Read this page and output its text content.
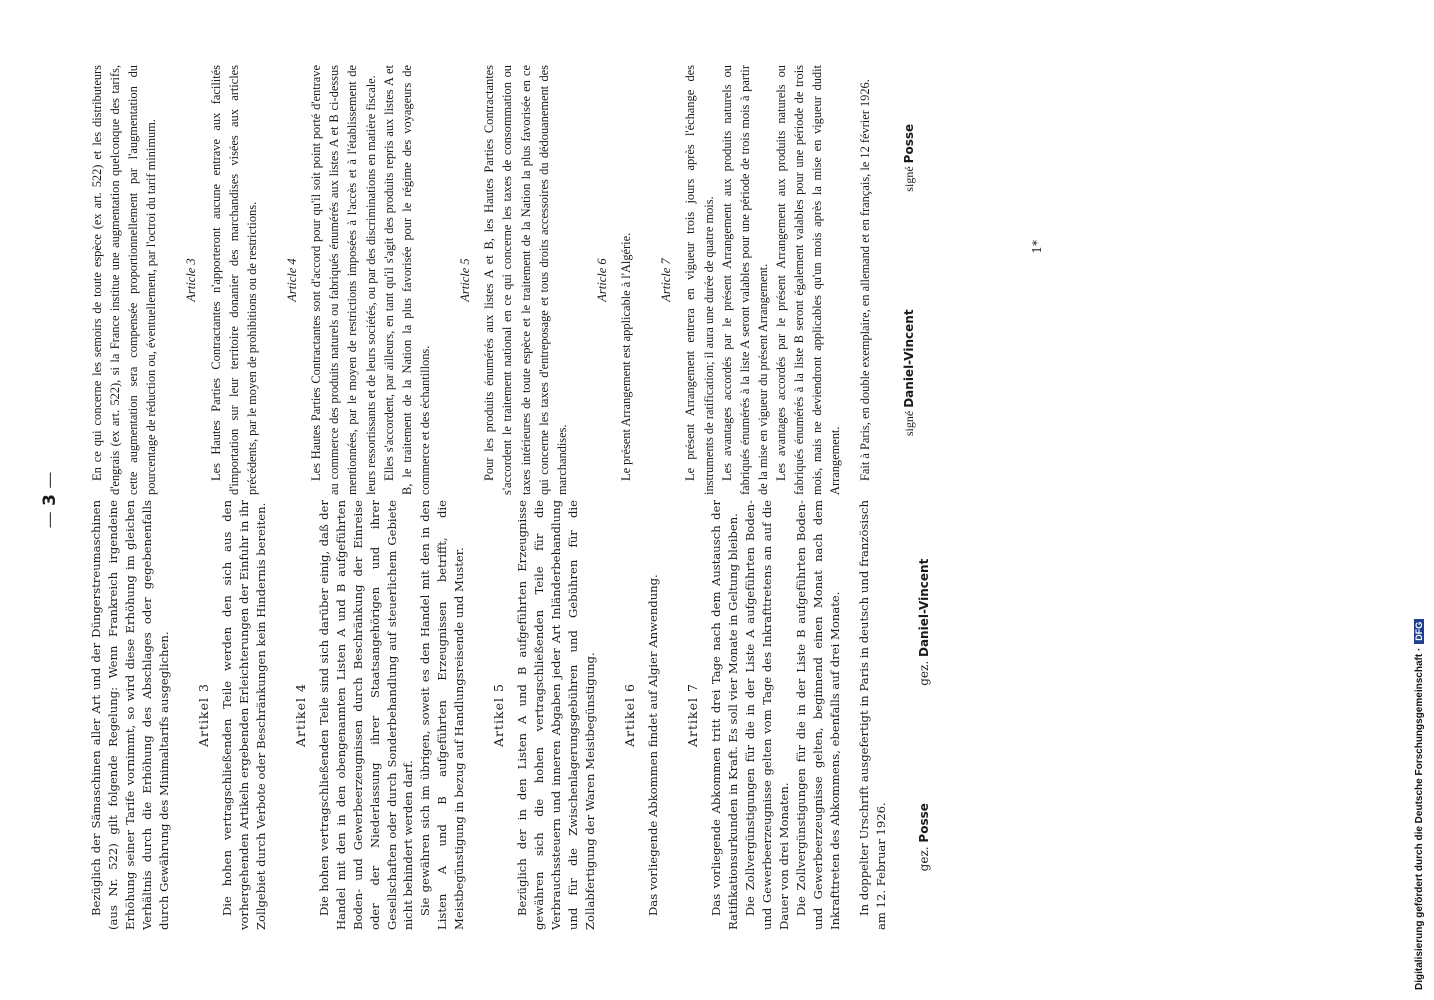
— 3 —

Bezüglich der Sämaschinen aller Art und der Düngerstreumaschinen (aus Nr. 522) gilt folgende Regelung: Wenn Frankreich irgendeine Erhöhung seiner Tarife vornimmt, so wird diese Erhöhung im gleichen Verhältnis durch die Erhöhung des Abschlages oder gegebenenfalls durch Gewährung des Minimaltarifs ausgeglichen. Artikel 3 Die hohen vertragschließenden Teile werden den sich aus den vorhergehenden Artikeln ergebenden Erleichterungen der Einfuhr in ihr Zollgebiet durch Verbote oder Beschränkungen kein Hindernis bereiten. Artikel 4 Die hohen vertragschließenden Teile sind sich darüber einig, daß der Handel mit den in den obengenannten Listen A und B aufgeführten Boden- und Gewerbeerzeugnissen durch Beschränkung der Einreise oder der Niederlassung ihrer Staatsangehörigen und ihrer Gesellschaften oder durch Sonderbehandlung auf steuerlichem Gebiete nicht behindert werden darf. Sie gewähren sich im übrigen, soweit es den Handel mit den in den Listen A und B aufgeführten Erzeugnissen betrifft, die Meistbegünstigung in bezug auf Handlungsreisende und Muster. Artikel 5 Bezüglich der in den Listen A und B aufgeführten Erzeugnisse gewähren sich die hohen vertragschließenden Teile für die Verbrauchssteuern und inneren Abgaben jeder Art Inländerbehandlung und für die Zwischenlagerungsgebühren und Gebühren für die Zollabfertigung der Waren Meistbegünstigung. Artikel 6 Das vorliegende Abkommen findet auf Algier Anwendung. Artikel 7 Das vorliegende Abkommen tritt drei Tage nach dem Austausch der Ratifikationsurkunden in Kraft. Es soll vier Monate in Geltung bleiben. Die Zollvergünstigungen für die in der Liste A aufgeführten Boden- und Gewerbeerzeugnisse gelten vom Tage des Inkrafttretens an auf die Dauer von drei Monaten. Die Zollvergünstigungen für die in der Liste B aufgeführten Boden- und Gewerbeerzeugnisse gelten, beginnend einen Monat nach dem Inkrafttreten des Abkommens, ebenfalls auf drei Monate. In doppelter Urschrift ausgefertigt in Paris in deutsch und französisch am 12. Februar 1926. gez. Posse
gez. Daniel-Vincent

En ce qui concerne les semoirs de toute espèce (ex art. 522) et les distributeurs d'engrais (ex art. 522), si la France institue une augmentation quelconque des tarifs, cette augmentation sera compensée proportionnellement par l'augmentation du pourcentage de réduction ou, éventuellement, par l'octroi du tarif minimum. Article 3 Les Hautes Parties Contractantes n'apporteront aucune entrave aux facilités d'importation sur leur territoire donanier des marchandises visées aux articles précédents, par le moyen de prohibitions ou de restrictions. Article 4 Les Hautes Parties Contractantes sont d'accord pour qu'il soit point porté d'entrave au commerce des produits naturels ou fabriqués énumérés aux listes A et B ci-dessus mentionnées, par le moyen de restrictions imposées à l'accès et à l'établissement de leurs ressortissants et de leurs sociétés, ou par des discriminations en matière fiscale. Elles s'accordent, par ailleurs, en tant qu'il s'agit des produits repris aux listes A et B, le traitement de la Nation la plus favorisée pour le régime des voyageurs de commerce et des échantillons.

Article 5 Pour les produits énumérés aux listes A et B, les Hautes Parties Contractantes s'accordent le traitement national en ce qui concerne les taxes de consommation ou taxes intérieures de toute espèce et le traitement de la Nation la plus favorisée en ce qui concerne les taxes d'entreposage et tous droits accessoires du dédouanement des marchandises.

Article 6 Le présent Arrangement est applicable à l'Algérie. Article 7 Le présent Arrangement entrera en vigueur trois jours après l'échange des instruments de ratification; il aura une durée de quatre mois. Les avantages accordés par le présent Arrangement aux produits naturels ou fabriqués énumérés à la liste A seront valables pour une période de trois mois à partir de la mise en vigueur du présent Arrangement. Les avantages accordés par le présent Arrangement aux produits naturels ou fabriqués énumérés à la liste B seront également valables pour une période de trois mois, mais ne deviendront applicables qu'un mois après la mise en vigueur dudit Arrangement. Fait à Paris, en double exemplaire, en allemand et en français, le 12 février 1926. signé Daniel-Vincent
signé Posse
1*
Digitalisierung gefördert durch die Deutsche Forschungsgemeinschaft ·DFG
